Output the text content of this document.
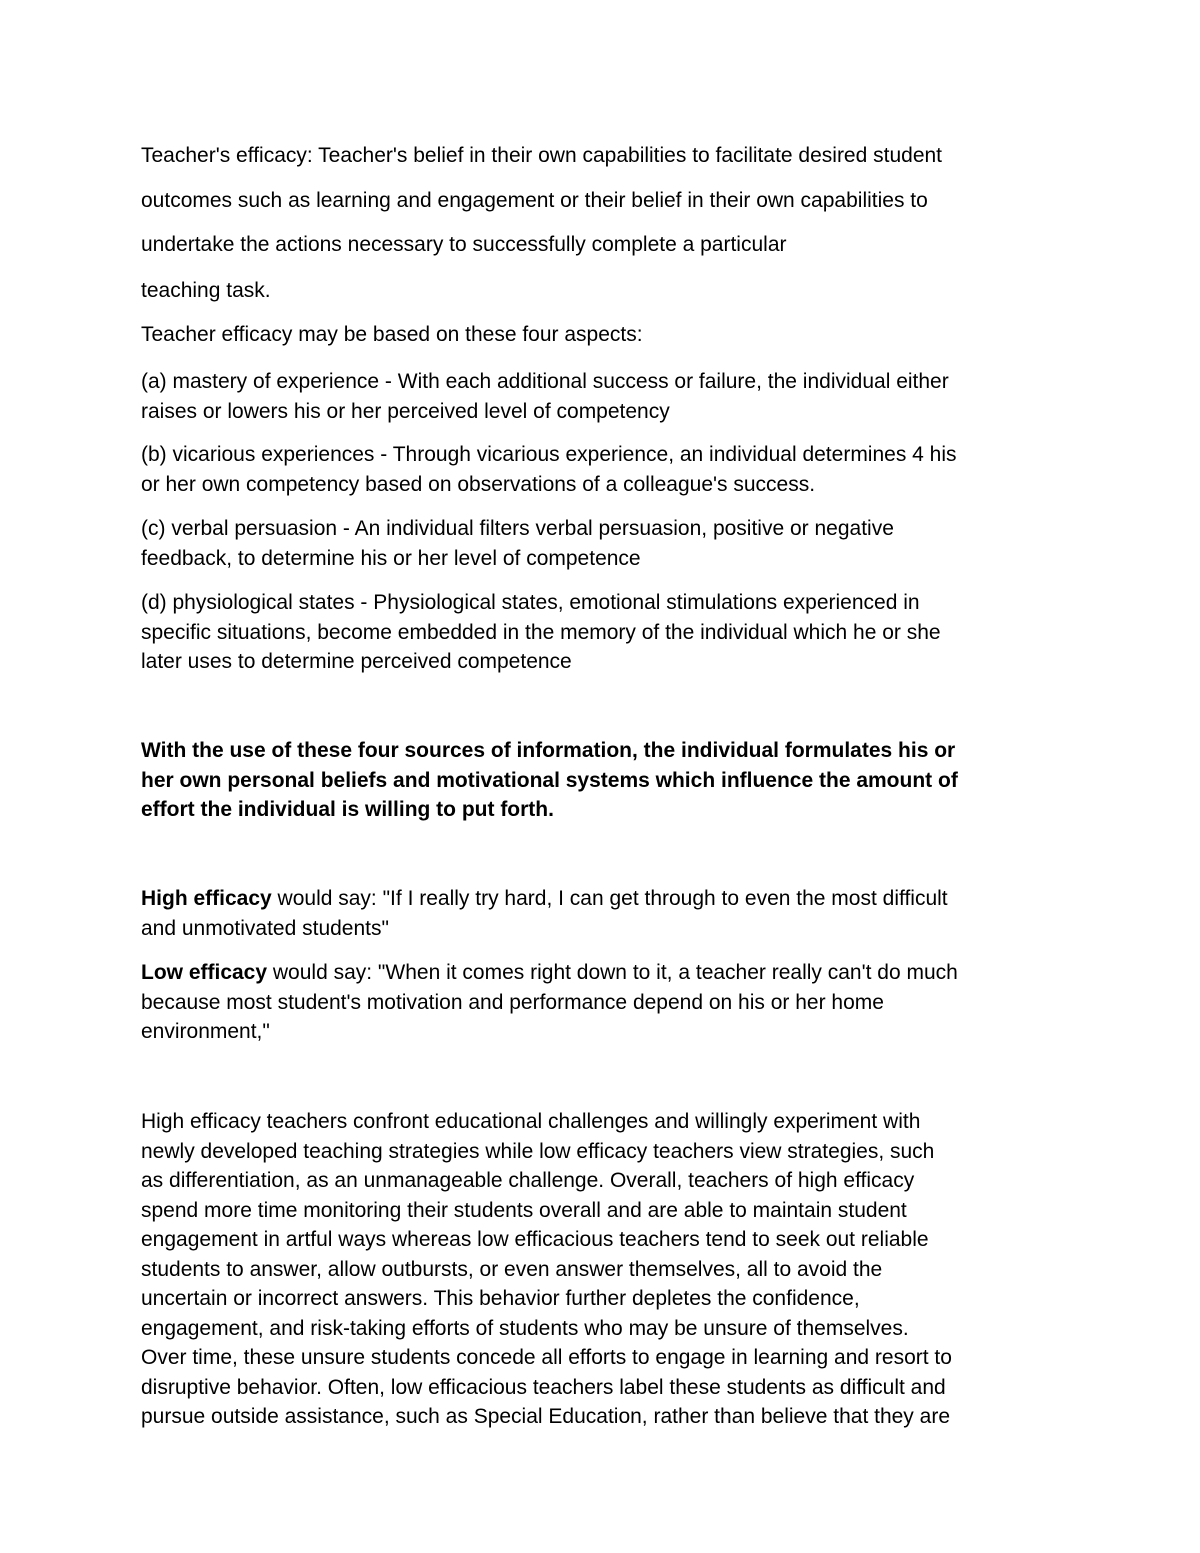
Teacher's efficacy: Teacher's belief in their own capabilities to facilitate desired student
outcomes such as learning and engagement or their belief in their own capabilities to
undertake the actions necessary to successfully complete a particular
teaching task.
Teacher efficacy may be based on these four aspects:
(a) mastery of experience - With each additional success or failure, the individual either
raises or lowers his or her perceived level of competency
(b) vicarious experiences - Through vicarious experience, an individual determines 4 his
or her own competency based on observations of a colleague's success.
(c) verbal persuasion - An individual filters verbal persuasion, positive or negative
feedback, to determine his or her level of competence
(d) physiological states - Physiological states, emotional stimulations experienced in
specific situations, become embedded in the memory of the individual which he or she
later uses to determine perceived competence
With the use of these four sources of information, the individual formulates his or
her own personal beliefs and motivational systems which influence the amount of
effort the individual is willing to put forth.
High efficacy would say: "If I really try hard, I can get through to even the most difficult
and unmotivated students"
Low efficacy would say: "When it comes right down to it, a teacher really can't do much
because most student's motivation and performance depend on his or her home
environment,"
High efficacy teachers confront educational challenges and willingly experiment with
newly developed teaching strategies while low efficacy teachers view strategies, such
as differentiation, as an unmanageable challenge. Overall, teachers of high efficacy
spend more time monitoring their students overall and are able to maintain student
engagement in artful ways whereas low efficacious teachers tend to seek out reliable
students to answer, allow outbursts, or even answer themselves, all to avoid the
uncertain or incorrect answers. This behavior further depletes the confidence,
engagement, and risk-taking efforts of students who may be unsure of themselves.
Over time, these unsure students concede all efforts to engage in learning and resort to
disruptive behavior. Often, low efficacious teachers label these students as difficult and
pursue outside assistance, such as Special Education, rather than believe that they are
